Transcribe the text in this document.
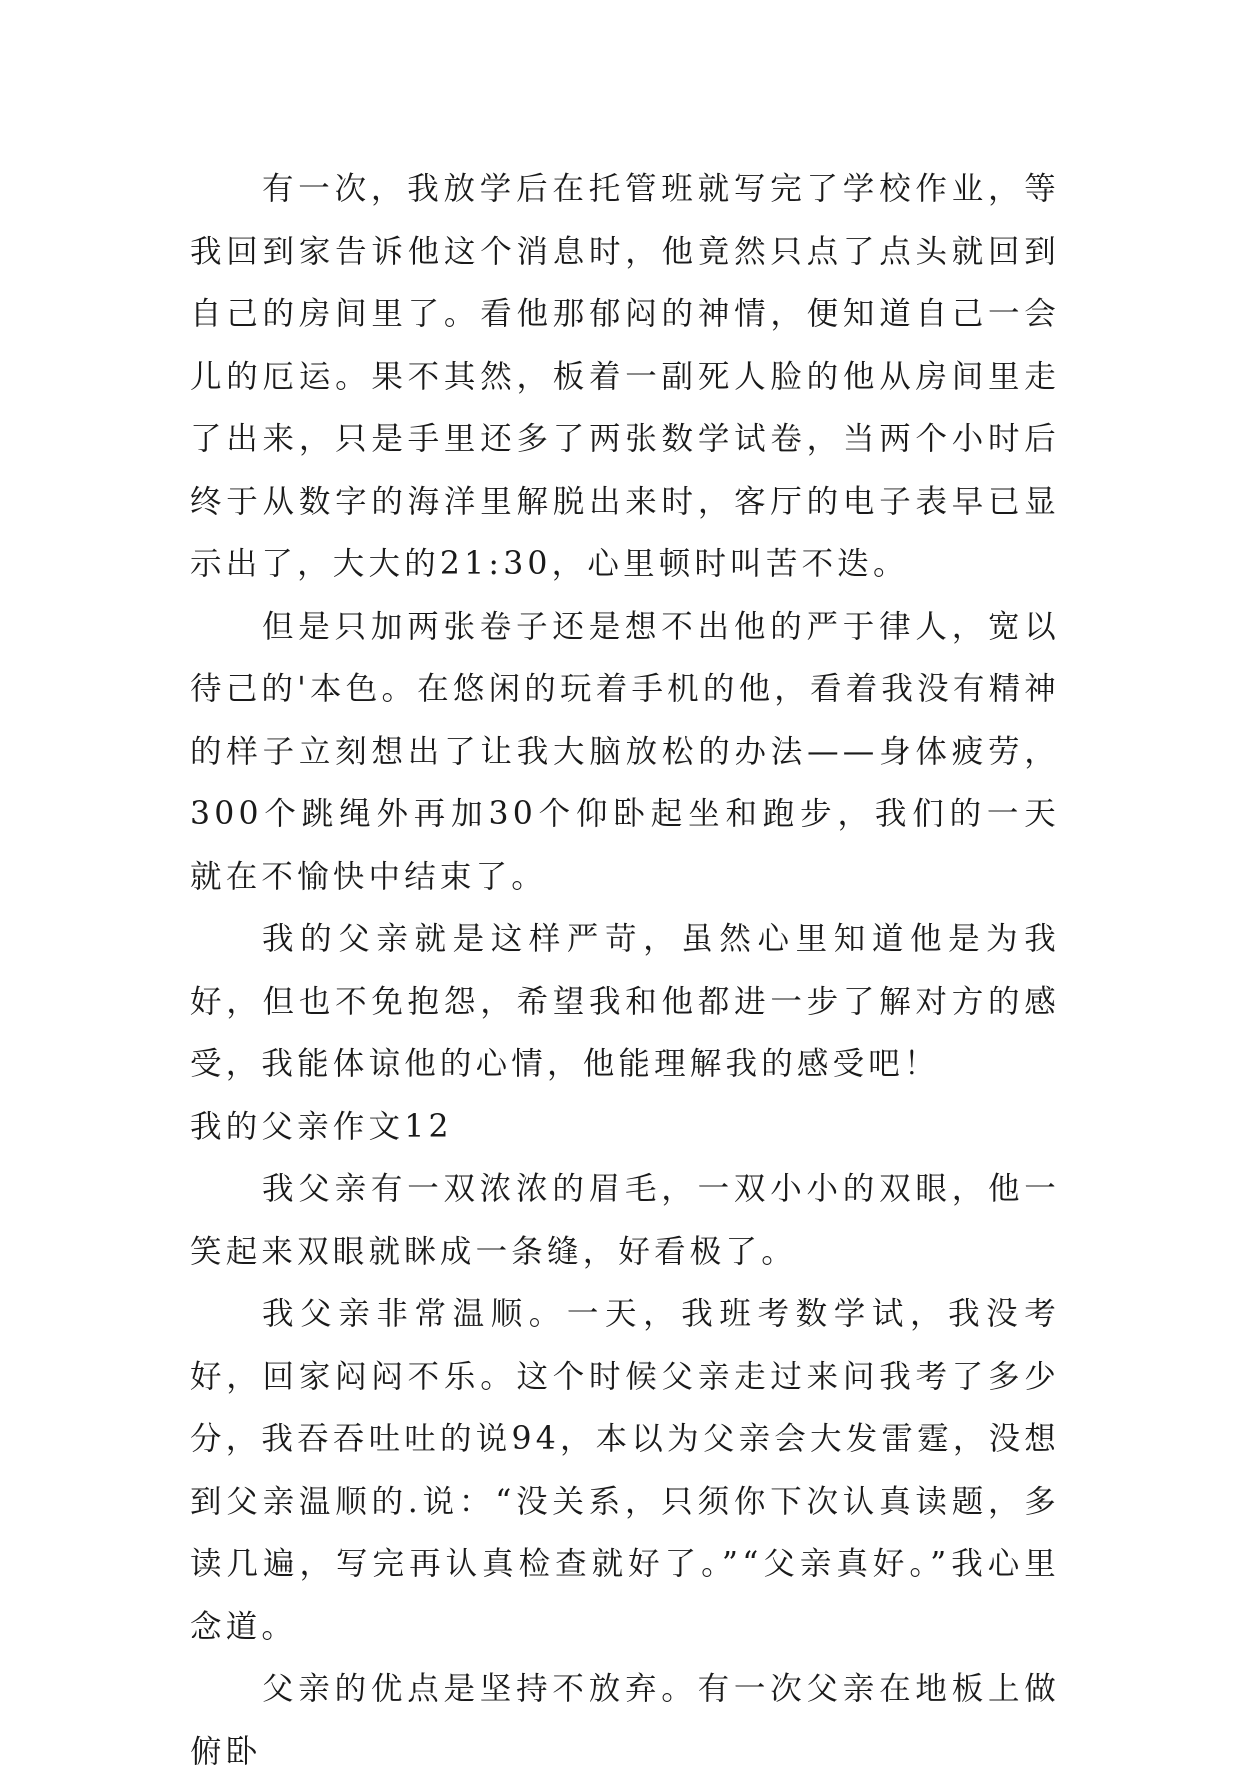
有一次，我放学后在托管班就写完了学校作业，等我回到家告诉他这个消息时，他竟然只点了点头就回到自己的房间里了。看他那郁闷的神情，便知道自己一会儿的厄运。果不其然，板着一副死人脸的他从房间里走了出来，只是手里还多了两张数学试卷，当两个小时后终于从数字的海洋里解脱出来时，客厅的电子表早已显示出了，大大的21:30，心里顿时叫苦不迭。

但是只加两张卷子还是想不出他的严于律人，宽以待己的'本色。在悠闲的玩着手机的他，看着我没有精神的样子立刻想出了让我大脑放松的办法——身体疲劳，300个跳绳外再加30个仰卧起坐和跑步，我们的一天就在不愉快中结束了。

我的父亲就是这样严苛，虽然心里知道他是为我好，但也不免抱怨，希望我和他都进一步了解对方的感受，我能体谅他的心情，他能理解我的感受吧！

我的父亲作文12

我父亲有一双浓浓的眉毛，一双小小的双眼，他一笑起来双眼就眯成一条缝，好看极了。

我父亲非常温顺。一天，我班考数学试，我没考好，回家闷闷不乐。这个时候父亲走过来问我考了多少分，我吞吞吐吐的说94，本以为父亲会大发雷霆，没想到父亲温顺的.说：“没关系，只须你下次认真读题，多读几遍，写完再认真检查就好了。”“父亲真好。”我心里念道。

父亲的优点是坚持不放弃。有一次父亲在地板上做俯卧
